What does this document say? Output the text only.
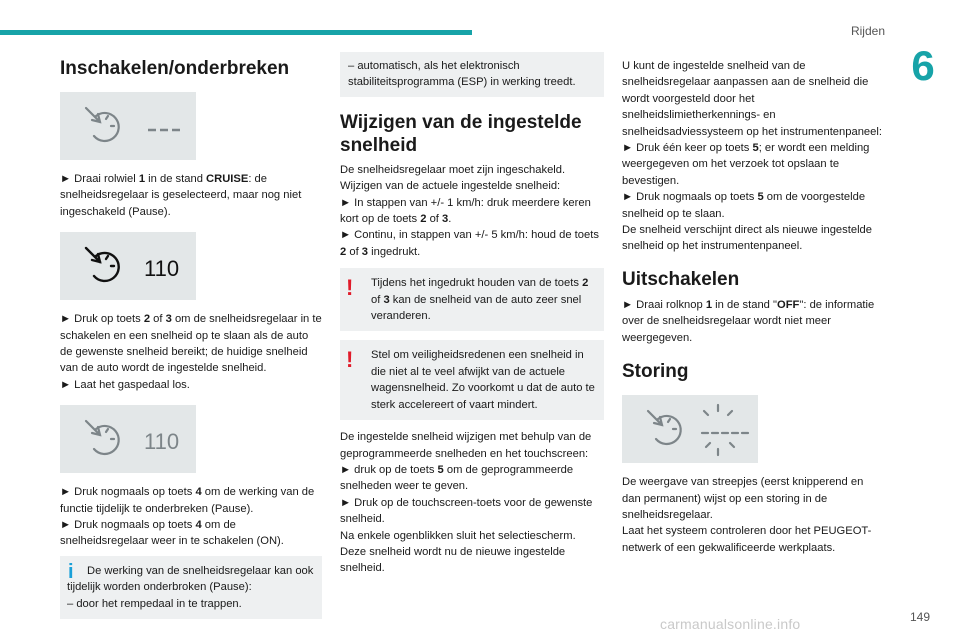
Rijden
6
Inschakelen/onderbreken

► Draai rolwiel 1 in de stand CRUISE: de snelheidsregelaar is geselecteerd, maar nog niet ingeschakeld (Pause).

110

► Druk op toets 2 of 3 om de snelheidsregelaar in te schakelen en een snelheid op te slaan als de auto de gewenste snelheid bereikt; de huidige snelheid van de auto wordt de ingestelde snelheid.

► Laat het gaspedaal los.

110

► Druk nogmaals op toets 4 om de werking van de functie tijdelijk te onderbreken (Pause).

► Druk nogmaals op toets 4 om de snelheidsregelaar weer in te schakelen (ON).

i	De werking van de snelheidsregelaar kan ook tijdelijk worden onderbroken (Pause):

– door het rempedaal in te trappen.

– automatisch, als het elektronisch stabiliteitsprogramma (ESP) in werking treedt.

Wijzigen van de ingestelde snelheid

De snelheidsregelaar moet zijn ingeschakeld.

Wijzigen van de actuele ingestelde snelheid:

► In stappen van +/- 1 km/h: druk meerdere keren kort op de toets 2 of 3.

► Continu, in stappen van +/- 5 km/h: houd de toets 2 of 3 ingedrukt.

!	Tijdens het ingedrukt houden van de toets 2 of 3 kan de snelheid van de auto zeer snel veranderen.

!	Stel om veiligheidsredenen een snelheid in die niet al te veel afwijkt van de actuele wagensnelheid. Zo voorkomt u dat de auto te sterk accelereert of vaart mindert.

De ingestelde snelheid wijzigen met behulp van de geprogrammeerde snelheden en het touchscreen:

► druk op de toets 5 om de geprogrammeerde snelheden weer te geven.

► Druk op de touchscreen-toets voor de gewenste snelheid.

Na enkele ogenblikken sluit het selectiescherm. Deze snelheid wordt nu de nieuwe ingestelde snelheid.

U kunt de ingestelde snelheid van de snelheidsregelaar aanpassen aan de snelheid die wordt voorgesteld door het snelheidslimietherkennings- en snelheidsadviessysteem op het instrumentenpaneel:

► Druk één keer op toets 5; er wordt een melding weergegeven om het verzoek tot opslaan te bevestigen.

► Druk nogmaals op toets 5 om de voorgestelde snelheid op te slaan.

De snelheid verschijnt direct als nieuwe ingestelde snelheid op het instrumentenpaneel.

Uitschakelen

► Draai rolknop 1 in de stand "OFF": de informatie over de snelheidsregelaar wordt niet meer weergegeven.

Storing

De weergave van streepjes (eerst knipperend en dan permanent) wijst op een storing in de snelheidsregelaar.

Laat het systeem controleren door het PEUGEOT-netwerk of een gekwalificeerde werkplaats.

carmanualsonline.info	149
